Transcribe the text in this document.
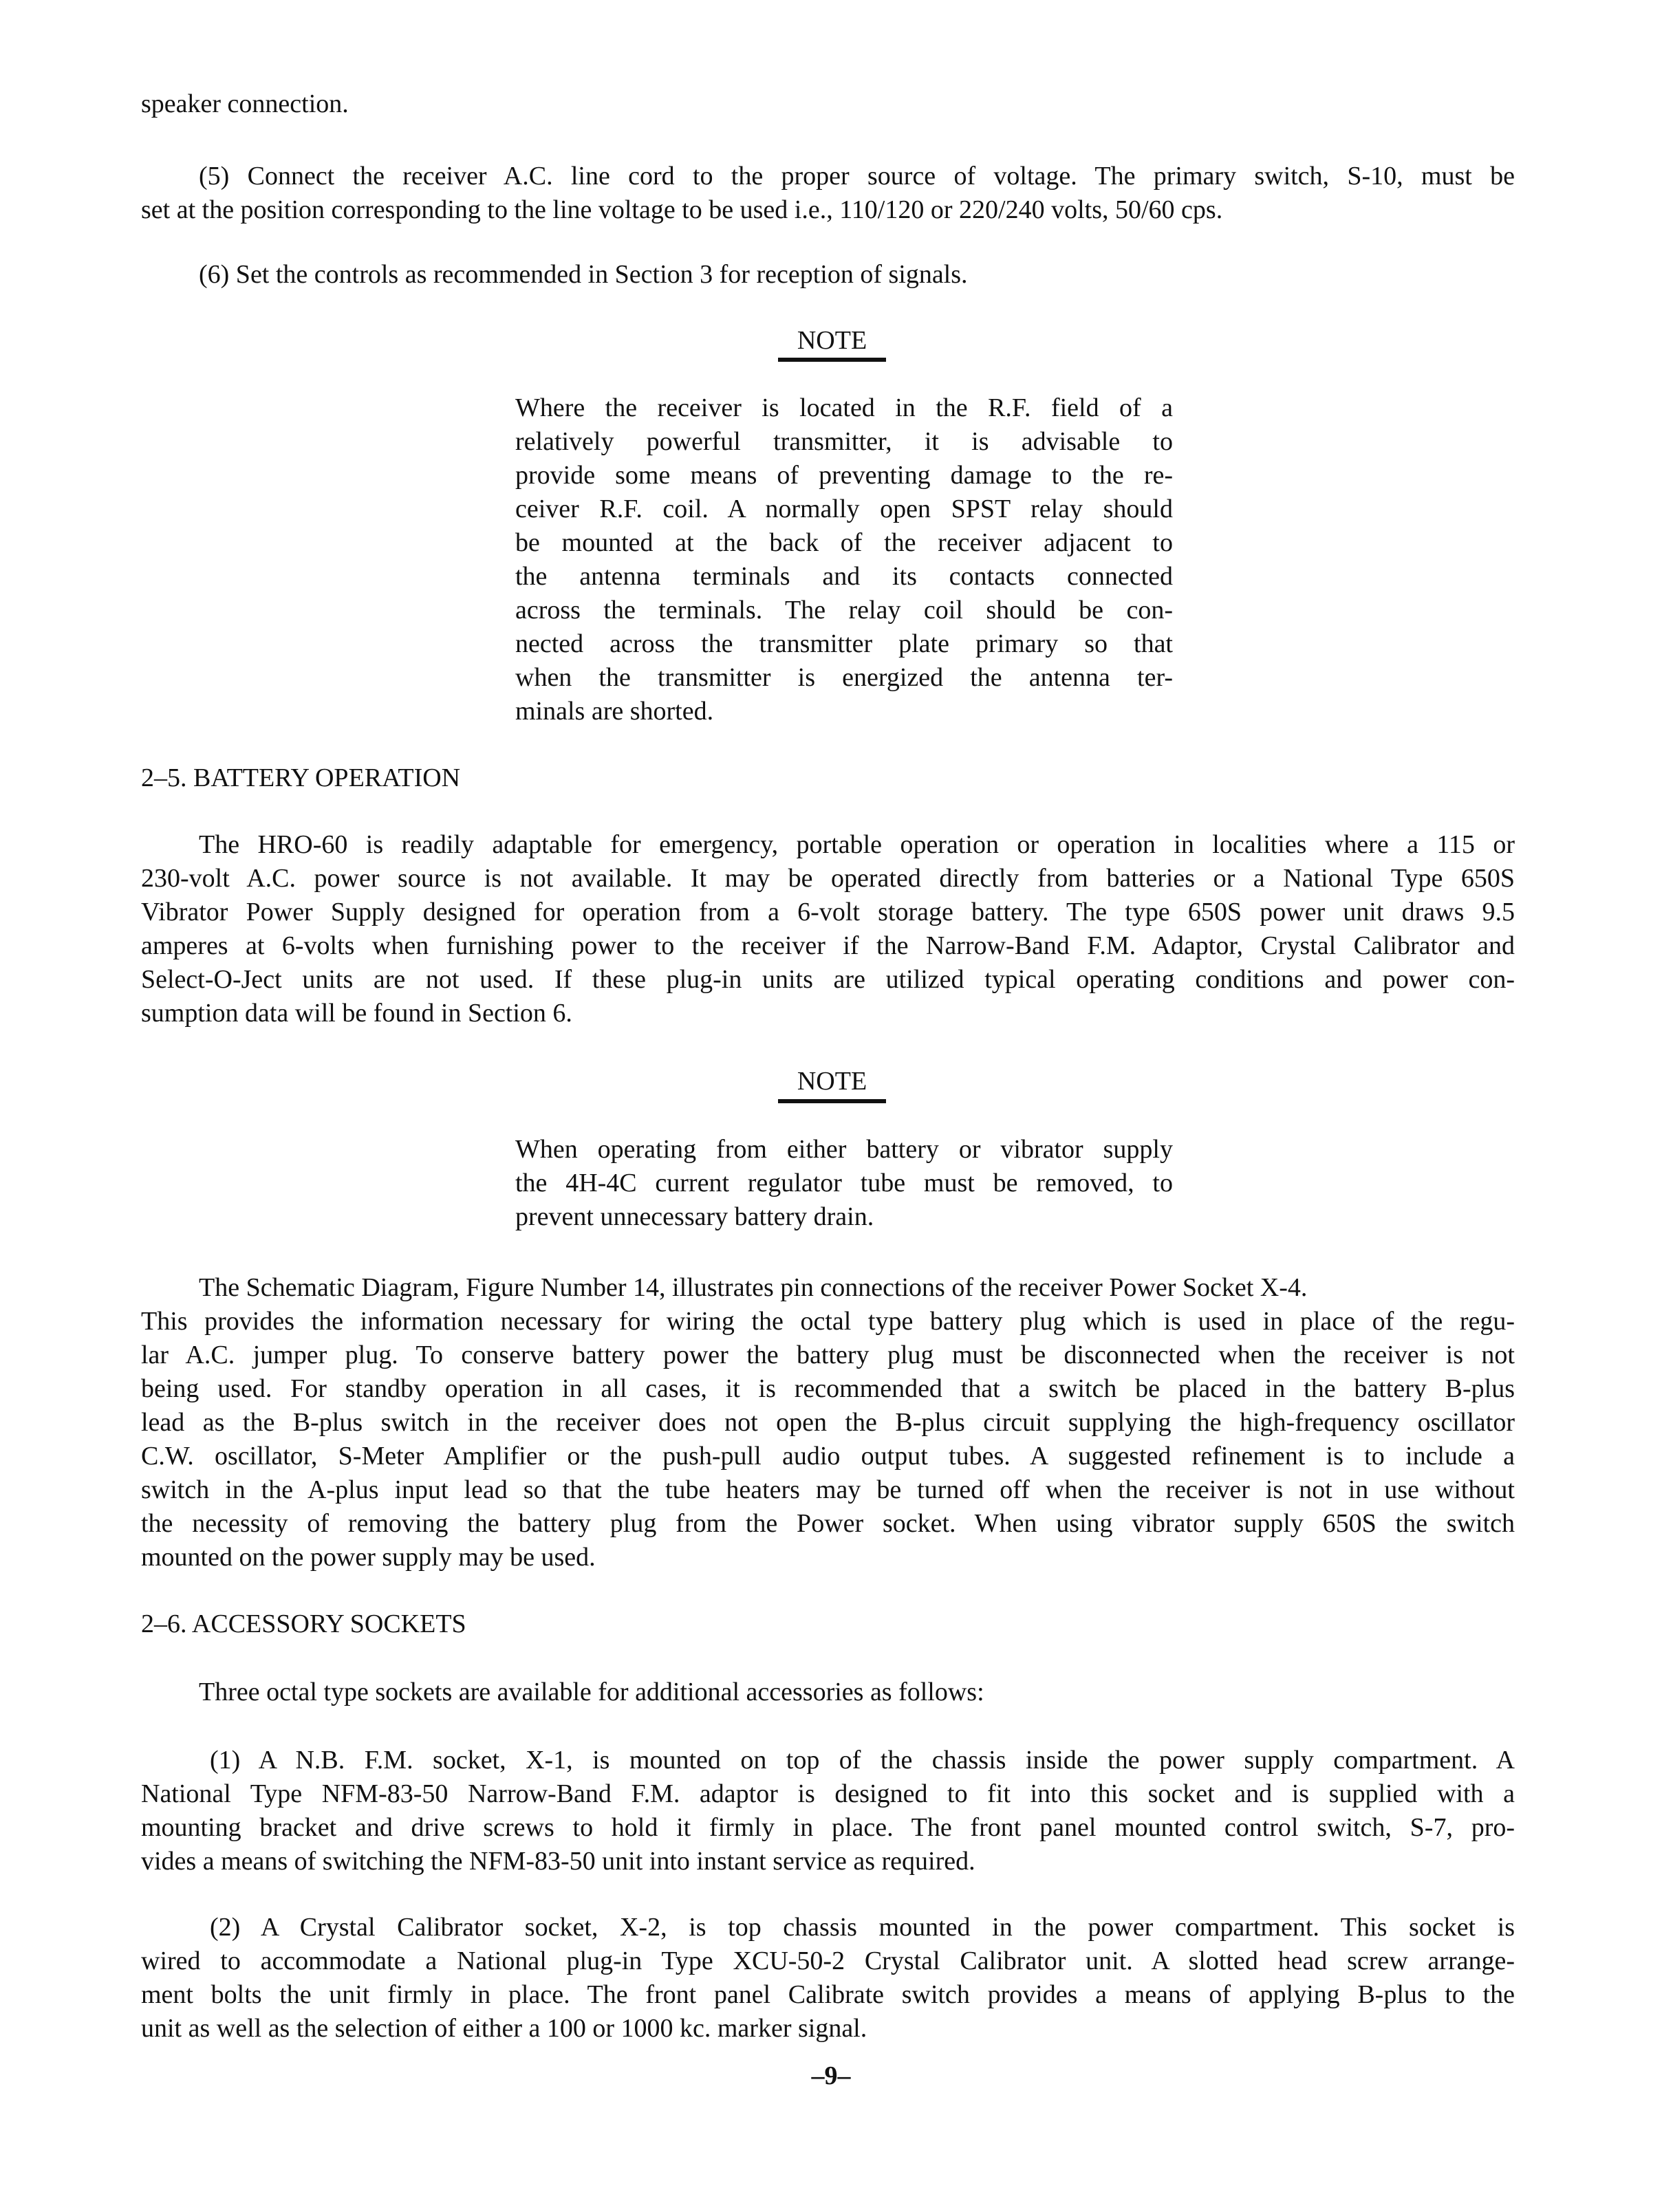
speaker connection.
(5) Connect the receiver A.C. line cord to the proper source of voltage. The primary switch, S-10, must be
set at the position corresponding to the line voltage to be used i.e., 110/120 or 220/240 volts, 50/60 cps.
(6) Set the controls as recommended in Section 3 for reception of signals.
NOTE
Where the receiver is located in the R.F. field of a
relatively powerful transmitter, it is advisable to
provide some means of preventing damage to the re-
ceiver R.F. coil. A normally open SPST relay should
be mounted at the back of the receiver adjacent to
the antenna terminals and its contacts connected
across the terminals. The relay coil should be con-
nected across the transmitter plate primary so that
when the transmitter is energized the antenna ter-
minals are shorted.
2–5. BATTERY OPERATION
The HRO-60 is readily adaptable for emergency, portable operation or operation in localities where a 115 or
230-volt A.C. power source is not available. It may be operated directly from batteries or a National Type 650S
Vibrator Power Supply designed for operation from a 6-volt storage battery. The type 650S power unit draws 9.5
amperes at 6-volts when furnishing power to the receiver if the Narrow-Band F.M. Adaptor, Crystal Calibrator and
Select-O-Ject units are not used. If these plug-in units are utilized typical operating conditions and power con-
sumption data will be found in Section 6.
NOTE
When operating from either battery or vibrator supply
the 4H-4C current regulator tube must be removed, to
prevent unnecessary battery drain.
The Schematic Diagram, Figure Number 14, illustrates pin connections of the receiver Power Socket X-4.
This provides the information necessary for wiring the octal type battery plug which is used in place of the regu-
lar A.C. jumper plug. To conserve battery power the battery plug must be disconnected when the receiver is not
being used. For standby operation in all cases, it is recommended that a switch be placed in the battery B-plus
lead as the B-plus switch in the receiver does not open the B-plus circuit supplying the high-frequency oscillator
C.W. oscillator, S-Meter Amplifier or the push-pull audio output tubes. A suggested refinement is to include a
switch in the A-plus input lead so that the tube heaters may be turned off when the receiver is not in use without
the necessity of removing the battery plug from the Power socket. When using vibrator supply 650S the switch
mounted on the power supply may be used.
2–6. ACCESSORY SOCKETS
Three octal type sockets are available for additional accessories as follows:
(1) A N.B. F.M. socket, X-1, is mounted on top of the chassis inside the power supply compartment. A
National Type NFM-83-50 Narrow-Band F.M. adaptor is designed to fit into this socket and is supplied with a
mounting bracket and drive screws to hold it firmly in place. The front panel mounted control switch, S-7, pro-
vides a means of switching the NFM-83-50 unit into instant service as required.
(2) A Crystal Calibrator socket, X-2, is top chassis mounted in the power compartment. This socket is
wired to accommodate a National plug-in Type XCU-50-2 Crystal Calibrator unit. A slotted head screw arrange-
ment bolts the unit firmly in place. The front panel Calibrate switch provides a means of applying B-plus to the
unit as well as the selection of either a 100 or 1000 kc. marker signal.
–9–
